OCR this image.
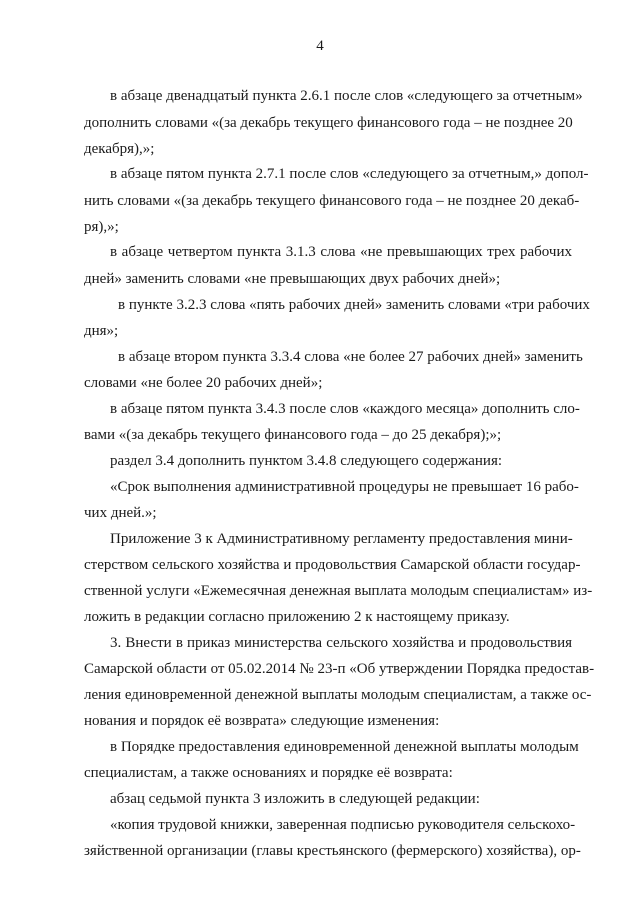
4
в абзаце двенадцатый пункта 2.6.1 после слов «следующего за отчетным»
дополнить словами «(за декабрь текущего финансового года – не позднее 20
декабря),»;
в абзаце пятом пункта 2.7.1 после слов «следующего за отчетным,» допол-
нить словами «(за декабрь текущего финансового года – не позднее 20 декаб-
ря),»;
в абзаце четвертом пункта 3.1.3 слова «не превышающих трех рабочих
дней» заменить словами «не превышающих двух рабочих дней»;
в пункте 3.2.3 слова «пять рабочих дней» заменить словами «три рабочих
дня»;
в абзаце втором пункта 3.3.4 слова «не более 27 рабочих дней» заменить
словами «не более 20 рабочих дней»;
в абзаце пятом пункта 3.4.3 после слов «каждого месяца» дополнить сло-
вами «(за декабрь текущего финансового года – до 25 декабря);»;
раздел 3.4 дополнить пунктом 3.4.8 следующего содержания:
«Срок выполнения административной процедуры не превышает 16 рабо-
чих дней.»;
Приложение 3 к Административному регламенту предоставления мини-
стерством сельского хозяйства и продовольствия Самарской области государ-
ственной услуги «Ежемесячная денежная выплата молодым специалистам» из-
ложить в редакции согласно приложению 2 к настоящему приказу.
3. Внести в приказ министерства сельского хозяйства и продовольствия
Самарской области от 05.02.2014 № 23-п «Об утверждении Порядка предостав-
ления единовременной денежной выплаты молодым специалистам, а также ос-
нования и порядок её возврата» следующие изменения:
в Порядке предоставления единовременной денежной выплаты молодым
специалистам, а также основаниях и порядке её возврата:
абзац седьмой пункта 3 изложить в следующей редакции:
«копия трудовой книжки, заверенная подписью руководителя сельскохо-
зяйственной организации (главы крестьянского (фермерского) хозяйства), ор-
